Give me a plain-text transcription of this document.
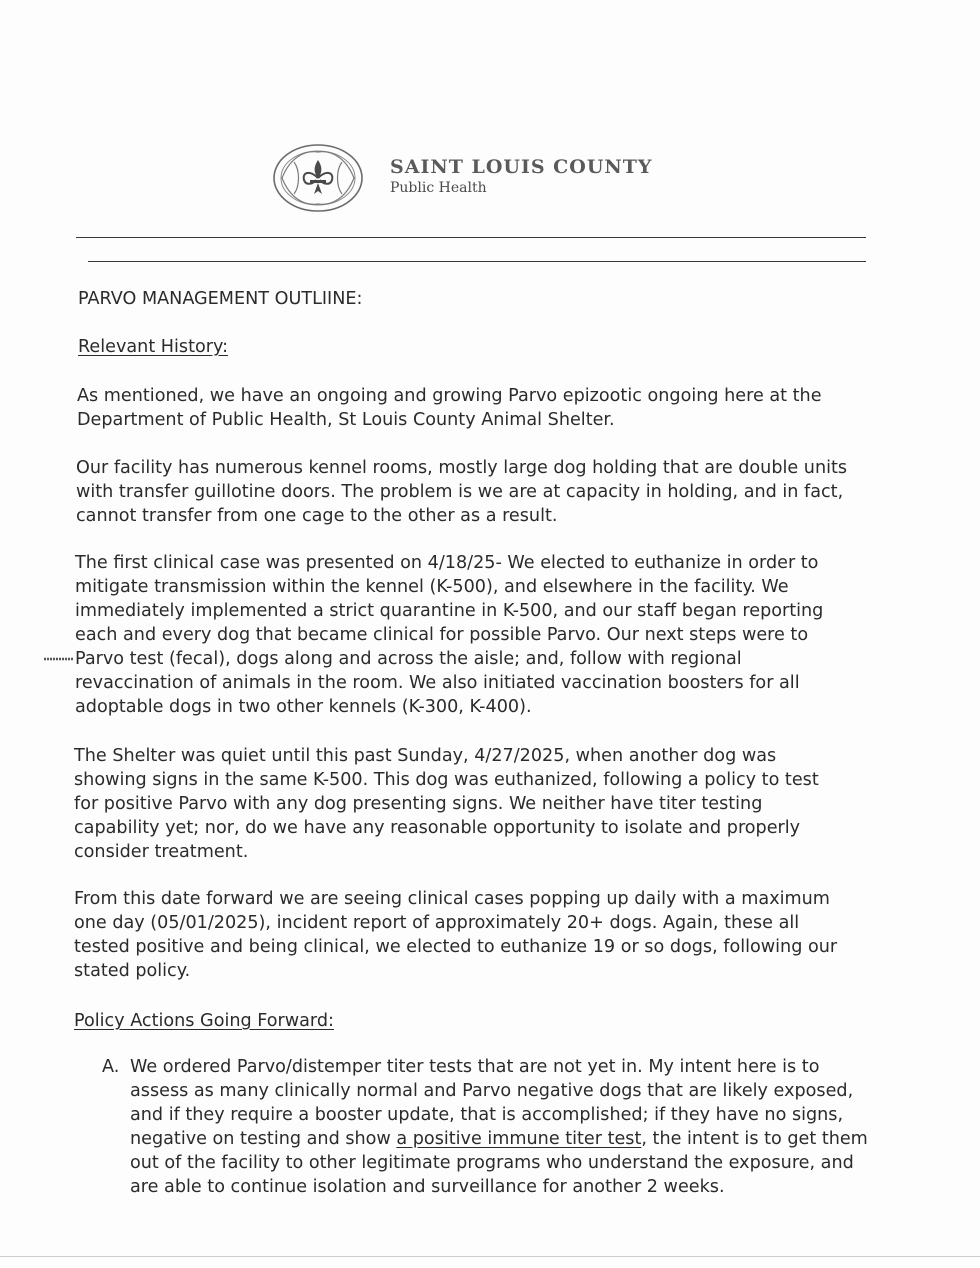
SAINT LOUIS COUNTY
Public Health
PARVO MANAGEMENT OUTLIINE:
Relevant History:
As mentioned, we have an ongoing and growing Parvo epizootic ongoing here at the
Department of Public Health, St Louis County Animal Shelter.
Our facility has numerous kennel rooms, mostly large dog holding that are double units
with transfer guillotine doors. The problem is we are at capacity in holding, and in fact,
cannot transfer from one cage to the other as a result.
The first clinical case was presented on 4/18/25- We elected to euthanize in order to
mitigate transmission within the kennel (K-500), and elsewhere in the facility. We
immediately implemented a strict quarantine in K-500, and our staff began reporting
each and every dog that became clinical for possible Parvo. Our next steps were to
Parvo test (fecal), dogs along and across the aisle; and, follow with regional
revaccination of animals in the room. We also initiated vaccination boosters for all
adoptable dogs in two other kennels (K-300, K-400).
The Shelter was quiet until this past Sunday, 4/27/2025, when another dog was
showing signs in the same K-500. This dog was euthanized, following a policy to test
for positive Parvo with any dog presenting signs. We neither have titer testing
capability yet; nor, do we have any reasonable opportunity to isolate and properly
consider treatment.
From this date forward we are seeing clinical cases popping up daily with a maximum
one day (05/01/2025), incident report of approximately 20+ dogs. Again, these all
tested positive and being clinical, we elected to euthanize 19 or so dogs, following our
stated policy.
Policy Actions Going Forward:
A. We ordered Parvo/distemper titer tests that are not yet in. My intent here is to assess as many clinically normal and Parvo negative dogs that are likely exposed, and if they require a booster update, that is accomplished; if they have no signs, negative on testing and show a positive immune titer test, the intent is to get them out of the facility to other legitimate programs who understand the exposure, and are able to continue isolation and surveillance for another 2 weeks.
